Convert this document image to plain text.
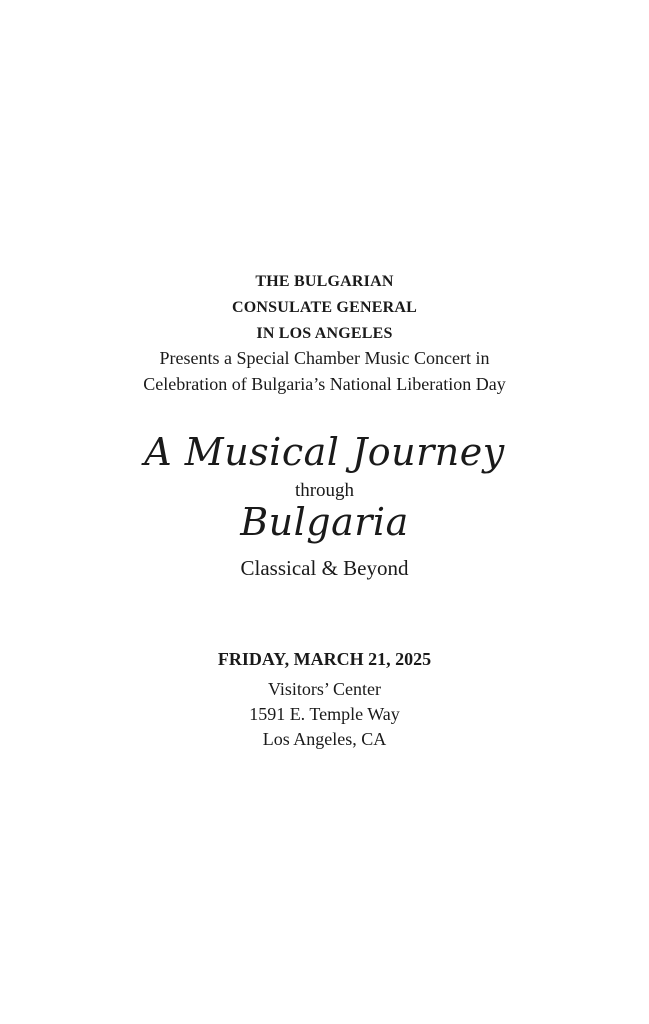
THE BULGARIAN
CONSULATE GENERAL
IN LOS ANGELES
Presents a Special Chamber Music Concert in
Celebration of Bulgaria’s National Liberation Day
A Musical Journey
through
Bulgaria
Classical & Beyond
FRIDAY, MARCH 21, 2025
Visitors’ Center
1591 E. Temple Way
Los Angeles, CA
